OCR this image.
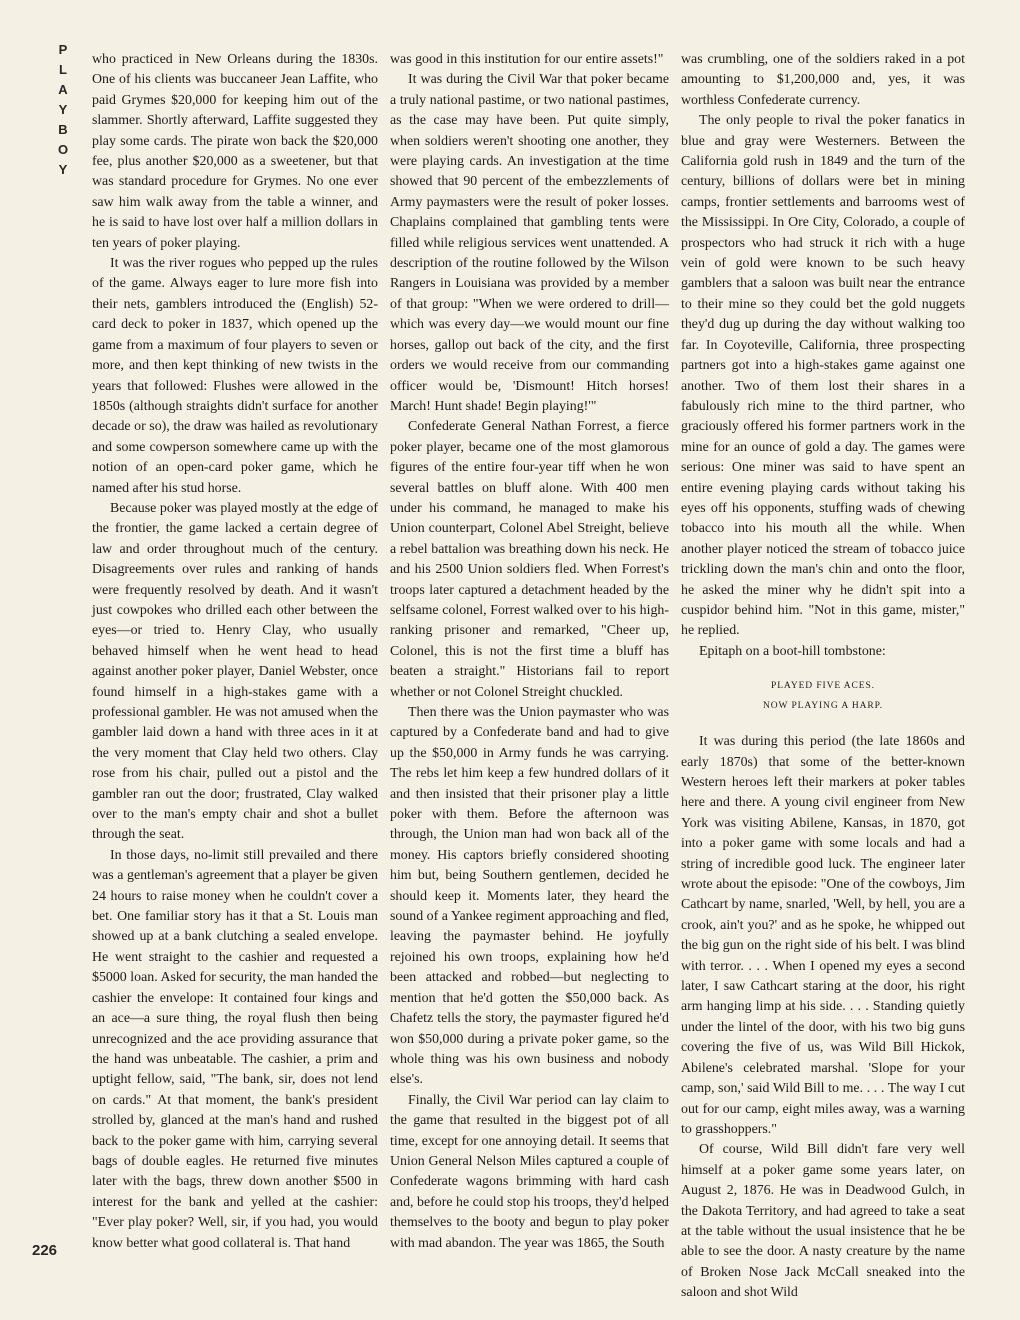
P
L
A
Y
B
O
Y
226

who practiced in New Orleans during the 1830s. One of his clients was buccaneer Jean Laffite, who paid Grymes $20,000 for keeping him out of the slammer. Shortly afterward, Laffite suggested they play some cards. The pirate won back the $20,000 fee, plus another $20,000 as a sweetener, but that was standard procedure for Grymes. No one ever saw him walk away from the table a winner, and he is said to have lost over half a million dollars in ten years of poker playing.

It was the river rogues who pepped up the rules of the game. Always eager to lure more fish into their nets, gamblers introduced the (English) 52-card deck to poker in 1837, which opened up the game from a maximum of four players to seven or more, and then kept thinking of new twists in the years that followed: Flushes were allowed in the 1850s (although straights didn't surface for another decade or so), the draw was hailed as revolutionary and some cowperson somewhere came up with the notion of an open-card poker game, which he named after his stud horse.

Because poker was played mostly at the edge of the frontier, the game lacked a certain degree of law and order throughout much of the century. Disagreements over rules and ranking of hands were frequently resolved by death. And it wasn't just cowpokes who drilled each other between the eyes—or tried to. Henry Clay, who usually behaved himself when he went head to head against another poker player, Daniel Webster, once found himself in a high-stakes game with a professional gambler. He was not amused when the gambler laid down a hand with three aces in it at the very moment that Clay held two others. Clay rose from his chair, pulled out a pistol and the gambler ran out the door; frustrated, Clay walked over to the man's empty chair and shot a bullet through the seat.

In those days, no-limit still prevailed and there was a gentleman's agreement that a player be given 24 hours to raise money when he couldn't cover a bet. One familiar story has it that a St. Louis man showed up at a bank clutching a sealed envelope. He went straight to the cashier and requested a $5000 loan. Asked for security, the man handed the cashier the envelope: It contained four kings and an ace—a sure thing, the royal flush then being unrecognized and the ace providing assurance that the hand was unbeatable. The cashier, a prim and uptight fellow, said, "The bank, sir, does not lend on cards." At that moment, the bank's president strolled by, glanced at the man's hand and rushed back to the poker game with him, carrying several bags of double eagles. He returned five minutes later with the bags, threw down another $500 in interest for the bank and yelled at the cashier: "Ever play poker? Well, sir, if you had, you would know better what good collateral is. That hand

was good in this institution for our entire assets!"

It was during the Civil War that poker became a truly national pastime, or two national pastimes, as the case may have been. Put quite simply, when soldiers weren't shooting one another, they were playing cards. An investigation at the time showed that 90 percent of the embezzlements of Army paymasters were the result of poker losses. Chaplains complained that gambling tents were filled while religious services went unattended. A description of the routine followed by the Wilson Rangers in Louisiana was provided by a member of that group: "When we were ordered to drill—which was every day—we would mount our fine horses, gallop out back of the city, and the first orders we would receive from our commanding officer would be, 'Dismount! Hitch horses! March! Hunt shade! Begin playing!'"

Confederate General Nathan Forrest, a fierce poker player, became one of the most glamorous figures of the entire four-year tiff when he won several battles on bluff alone. With 400 men under his command, he managed to make his Union counterpart, Colonel Abel Streight, believe a rebel battalion was breathing down his neck. He and his 2500 Union soldiers fled. When Forrest's troops later captured a detachment headed by the selfsame colonel, Forrest walked over to his high-ranking prisoner and remarked, "Cheer up, Colonel, this is not the first time a bluff has beaten a straight." Historians fail to report whether or not Colonel Streight chuckled.

Then there was the Union paymaster who was captured by a Confederate band and had to give up the $50,000 in Army funds he was carrying. The rebs let him keep a few hundred dollars of it and then insisted that their prisoner play a little poker with them. Before the afternoon was through, the Union man had won back all of the money. His captors briefly considered shooting him but, being Southern gentlemen, decided he should keep it. Moments later, they heard the sound of a Yankee regiment approaching and fled, leaving the paymaster behind. He joyfully rejoined his own troops, explaining how he'd been attacked and robbed—but neglecting to mention that he'd gotten the $50,000 back. As Chafetz tells the story, the paymaster figured he'd won $50,000 during a private poker game, so the whole thing was his own business and nobody else's.

Finally, the Civil War period can lay claim to the game that resulted in the biggest pot of all time, except for one annoying detail. It seems that Union General Nelson Miles captured a couple of Confederate wagons brimming with hard cash and, before he could stop his troops, they'd helped themselves to the booty and begun to play poker with mad abandon. The year was 1865, the South

was crumbling, one of the soldiers raked in a pot amounting to $1,200,000 and, yes, it was worthless Confederate currency.

The only people to rival the poker fanatics in blue and gray were Westerners. Between the California gold rush in 1849 and the turn of the century, billions of dollars were bet in mining camps, frontier settlements and barrooms west of the Mississippi. In Ore City, Colorado, a couple of prospectors who had struck it rich with a huge vein of gold were known to be such heavy gamblers that a saloon was built near the entrance to their mine so they could bet the gold nuggets they'd dug up during the day without walking too far. In Coyoteville, California, three prospecting partners got into a high-stakes game against one another. Two of them lost their shares in a fabulously rich mine to the third partner, who graciously offered his former partners work in the mine for an ounce of gold a day. The games were serious: One miner was said to have spent an entire evening playing cards without taking his eyes off his opponents, stuffing wads of chewing tobacco into his mouth all the while. When another player noticed the stream of tobacco juice trickling down the man's chin and onto the floor, he asked the miner why he didn't spit into a cuspidor behind him. "Not in this game, mister," he replied.

Epitaph on a boot-hill tombstone:

PLAYED FIVE ACES.
NOW PLAYING A HARP.

It was during this period (the late 1860s and early 1870s) that some of the better-known Western heroes left their markers at poker tables here and there. A young civil engineer from New York was visiting Abilene, Kansas, in 1870, got into a poker game with some locals and had a string of incredible good luck. The engineer later wrote about the episode: "One of the cowboys, Jim Cathcart by name, snarled, 'Well, by hell, you are a crook, ain't you?' and as he spoke, he whipped out the big gun on the right side of his belt. I was blind with terror. . . . When I opened my eyes a second later, I saw Cathcart staring at the door, his right arm hanging limp at his side. . . . Standing quietly under the lintel of the door, with his two big guns covering the five of us, was Wild Bill Hickok, Abilene's celebrated marshal. 'Slope for your camp, son,' said Wild Bill to me. . . . The way I cut out for our camp, eight miles away, was a warning to grasshoppers."

Of course, Wild Bill didn't fare very well himself at a poker game some years later, on August 2, 1876. He was in Deadwood Gulch, in the Dakota Territory, and had agreed to take a seat at the table without the usual insistence that he be able to see the door. A nasty creature by the name of Broken Nose Jack McCall sneaked into the saloon and shot Wild
